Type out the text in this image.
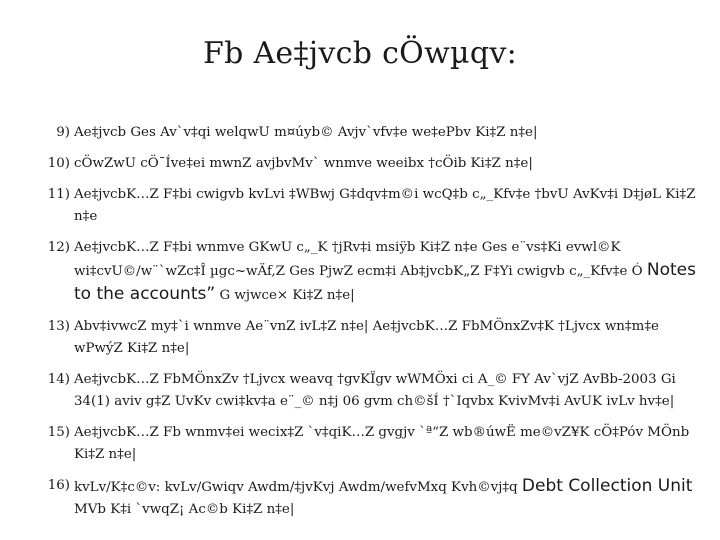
Fb Ae‡jvcb cÖwµqv:
9) Ae‡jvcb Ges Av`v‡qi welqwU m¤úyb© Avjv`vfv‡e we‡ePbv Ki‡Z n‡e|
10) cÖwZwU cÖ¯Íve‡ei mwnZ avjbvMv` wnmve weeibx †cÖib Ki‡Z n‡e|
11) Ae‡jvcbK…Z F‡bi cwigvb kvLvi ‡WBwj G‡dqv‡m©i wcQ‡b c„_Kfv‡e †bvU AvKv‡i D‡jøL Ki‡Z n‡e
12) Ae‡jvcbK…Z F‡bi wnmve GKwU c„_K †jRv‡i msiÿb Ki‡Z n‡e Ges e¨vs‡Ki evwl©K wi‡cvU©/w¨`wZc‡Î µgc~wÄf,Z Ges PjwZ ecm‡i Ab‡jvcbK„Z F‡Yi cwigvb c„_Kfv‡e Ó Notes to the accounts” G wjwce× Ki‡Z n‡e|
13) Abv‡ivwcZ my‡`i wnmve Ae¨vnZ ivL‡Z n‡e| Ae‡jvcbK…Z FbMÖnxZv‡K †Ljvcx wn‡m‡e wPwýZ Ki‡Z n‡e|
14) Ae‡jvcbK…Z FbMÖnxZv †Ljvcx weavq †gvKÏgv wWMÖxi ci A_© FY Av`vjZ AvBb-2003 Gi 34(1) aviv g‡Z UvKv cwi‡kv‡a e¨_© n‡j 06 gvm ch©šÍ †`Iqvbx KvivMv‡i AvUK ivLv hv‡e|
15) Ae‡jvcbK…Z Fb wnmv‡ei wecix‡Z `v‡qiK…Z gvgjv `ª“Z wb®úwË me©vZ¥K cÖ‡Póv MÖnb Ki‡Z n‡e|
16) kvLv/K‡c©v: kvLv/Gwiqv Awdm/‡jvKvj Awdm/wefvMxq Kvh©vj‡q Debt Collection Unit MVb K‡i `vwqZ¡ Ac©b Ki‡Z n‡e|
